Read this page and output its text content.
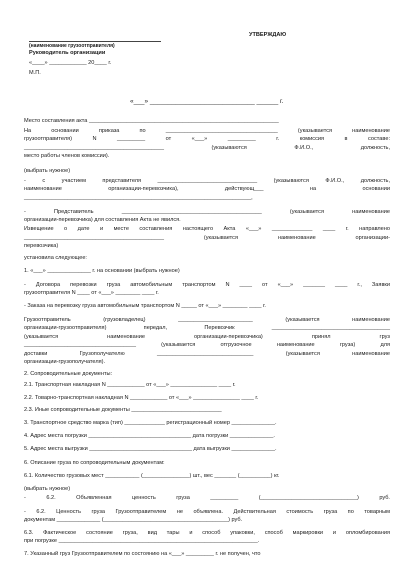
УТВЕРЖДАЮ
(наименование грузоотправителя)
Руководитель организации
«____» ____________ 20____ г.
М.П.
«___» _____________________________ ______ г.
Место составления акта _____________________________________________________________
На основании приказа по ____________________________________ (указывается наименование
грузоотправителя) N _________ от «___» _________ г. комиссия в составе:
_____________________________________________ (указываются Ф.И.О., должность,
место работы членов комиссии).
(выбрать нужное)
- с участием представителя ________________________________ (указываются Ф.И.О., должность,
наименование организации-перевозчика), действующ___ на основании
_________________________________________________________________________,
- Представитель _____________________________________________ (указывается наименование
организации-перевозчика) для составления Акта не явился.
Извещение о дате и месте составления настоящего Акта «___» _____________ ____ г. направлено
_____________________________________________ (указывается наименование организации-
перевозчика)
установила следующее:
1. «___» ______________ г. на основании (выбрать нужное)
- Договора перевозки груза автомобильным транспортом N ____ от «___» _______ ____ г., Заявки
грузоотправителя N ____ от «___» ________ ____ г.
- Заказа на перевозку груза автомобильным транспортом N _____ от «___» ________ ____ г.
Грузоотправитель (грузовладелец) ________________________ (указывается наименование
организации-грузоотправителя) передал, Перевозчик ______________________________________
(указывается наименование организации-перевозчика) принял груз
____________________________________ (указывается отгрузочное наименование груза) для
доставки Грузополучателю _______________________________ (указывается наименование
организации-грузополучателя).
2. Сопроводительные документы:
2.1. Транспортная накладная N ____________ от «___» _______________ ____ г.
2.2. Товарно-транспортная накладная N ____________ от «___» _______________ ____ г.
2.3. Иные сопроводительные документы _____________________________
3. Транспортное средство марка (тип) _____________ регистрационный номер ______________.
4. Адрес места погрузки _________________________________ дата погрузки ______________.
5. Адрес места выгрузки _________________________________ дата выгрузки ______________.
6. Описание груза по сопроводительным документам:
6.1. Количество грузовых мест ___________ (_______________) шт., вес _______ (__________) кг.
(выбрать нужное)
- 6.2. Объявленная ценность груза _________ (_______________________________) руб.
- 6.2. Ценность груза Грузоотправителем не объявлена. Действительная стоимость груза по товарным
документам ______________ (________________________________________) руб.
6.3. Фактическое состояние груза, вид тары и способ упаковки, способ маркировки и опломбирования
при погрузке ________________________________________________________________.
7. Указанный груз Грузоотправителем по состоянию на «___» _________ г. не получен, что
